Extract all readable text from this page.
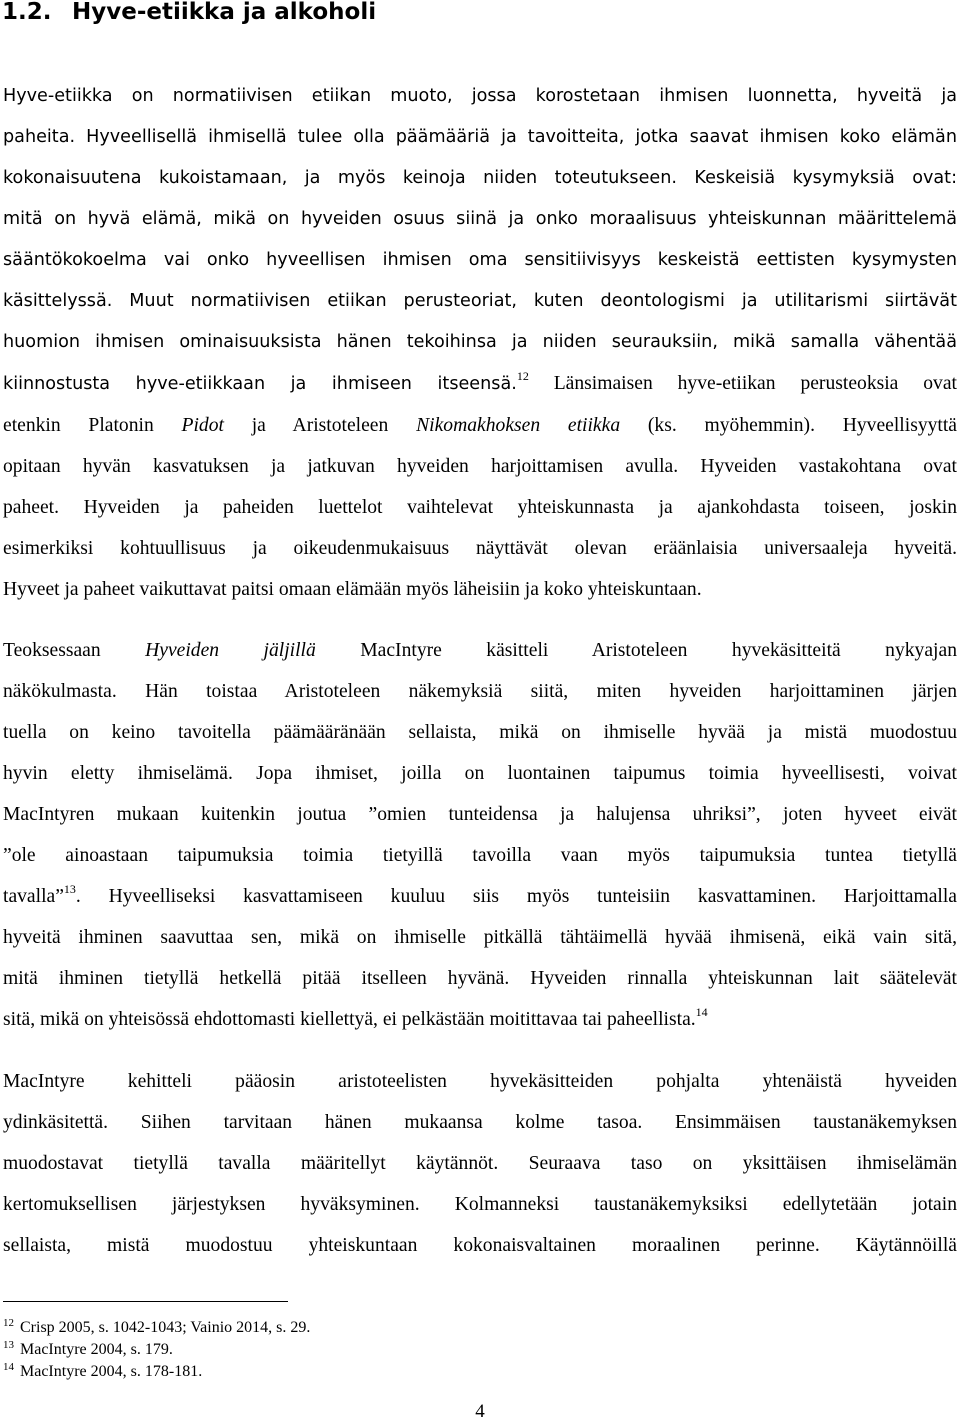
1.2. Hyve-etiikka ja alkoholi
Hyve-etiikka on normatiivisen etiikan muoto, jossa korostetaan ihmisen luonnetta, hyveitä ja
paheita. Hyveellisellä ihmisellä tulee olla päämääriä ja tavoitteita, jotka saavat ihmisen koko elämän
kokonaisuutena kukoistamaan, ja myös keinoja niiden toteutukseen. Keskeisiä kysymyksiä ovat:
mitä on hyvä elämä, mikä on hyveiden osuus siinä ja onko moraalisuus yhteiskunnan määrittelemä
sääntökokoelma vai onko hyveellisen ihmisen oma sensitiivisyys keskeistä eettisten kysymysten
käsittelyssä. Muut normatiivisen etiikan perusteoriat, kuten deontologismi ja utilitarismi siirtävät
huomion ihmisen ominaisuuksista hänen tekoihinsa ja niiden seurauksiin, mikä samalla vähentää
kiinnostusta hyve-etiikkaan ja ihmiseen itseensä.$^{12}$ Länsimaisen hyve-etiikan perusteoksia ovat
etenkin Platonin Pidot ja Aristoteleen Nikomakhoksen etiikka (ks. myöhemmin). Hyveellisyyttä
opitaan hyvän kasvatuksen ja jatkuvan hyveiden harjoittamisen avulla. Hyveiden vastakohtana ovat
paheet. Hyveiden ja paheiden luettelot vaihtelevat yhteiskunnasta ja ajankohdasta toiseen, joskin
esimerkiksi kohtuullisuus ja oikeudenmukaisuus näyttävät olevan eräänlaisia universaaleja hyveitä.
Hyveet ja paheet vaikuttavat paitsi omaan elämään myös läheisiin ja koko yhteiskuntaan.
Teoksessaan Hyveiden jäljillä MacIntyre käsitteli Aristoteleen hyvekäsitteitä nykyajan
näkökulmasta. Hän toistaa Aristoteleen näkemyksiä siitä, miten hyveiden harjoittaminen järjen
tuella on keino tavoitella päämääränään sellaista, mikä on ihmiselle hyvää ja mistä muodostuu
hyvin eletty ihmiselämä. Jopa ihmiset, joilla on luontainen taipumus toimia hyveellisesti, voivat
MacIntyren mukaan kuitenkin joutua ”omien tunteidensa ja halujensa uhriksi”, joten hyveet eivät
”ole ainoastaan taipumuksia toimia tietyillä tavoilla vaan myös taipumuksia tuntea tietyllä
tavalla”$^{13}$. Hyveelliseksi kasvattamiseen kuuluu siis myös tunteisiin kasvattaminen. Harjoittamalla
hyveitä ihminen saavuttaa sen, mikä on ihmiselle pitkällä tähtäimellä hyvää ihmisenä, eikä vain sitä,
mitä ihminen tietyllä hetkellä pitää itselleen hyvänä. Hyveiden rinnalla yhteiskunnan lait säätelevät
sitä, mikä on yhteisössä ehdottomasti kiellettyä, ei pelkästään moitittavaa tai paheellista.$^{14}$
MacIntyre kehitteli pääosin aristoteelisten hyvekäsitteiden pohjalta yhtenäistä hyveiden
ydinkäsitettä. Siihen tarvitaan hänen mukaansa kolme tasoa. Ensimmäisen taustanäkemyksen
muodostavat tietyllä tavalla määritellyt käytännöt. Seuraava taso on yksittäisen ihmiselämän
kertomuksellisen järjestyksen hyväksyminen. Kolmanneksi taustanäkemyksiksi edellytetään jotain
sellaista, mistä muodostuu yhteiskuntaan kokonaisvaltainen moraalinen perinne. Käytännöillä
$^{12}$ Crisp 2005, s. 1042-1043; Vainio 2014, s. 29.
$^{13}$ MacIntyre 2004, s. 179.
$^{14}$ MacIntyre 2004, s. 178-181.
4
